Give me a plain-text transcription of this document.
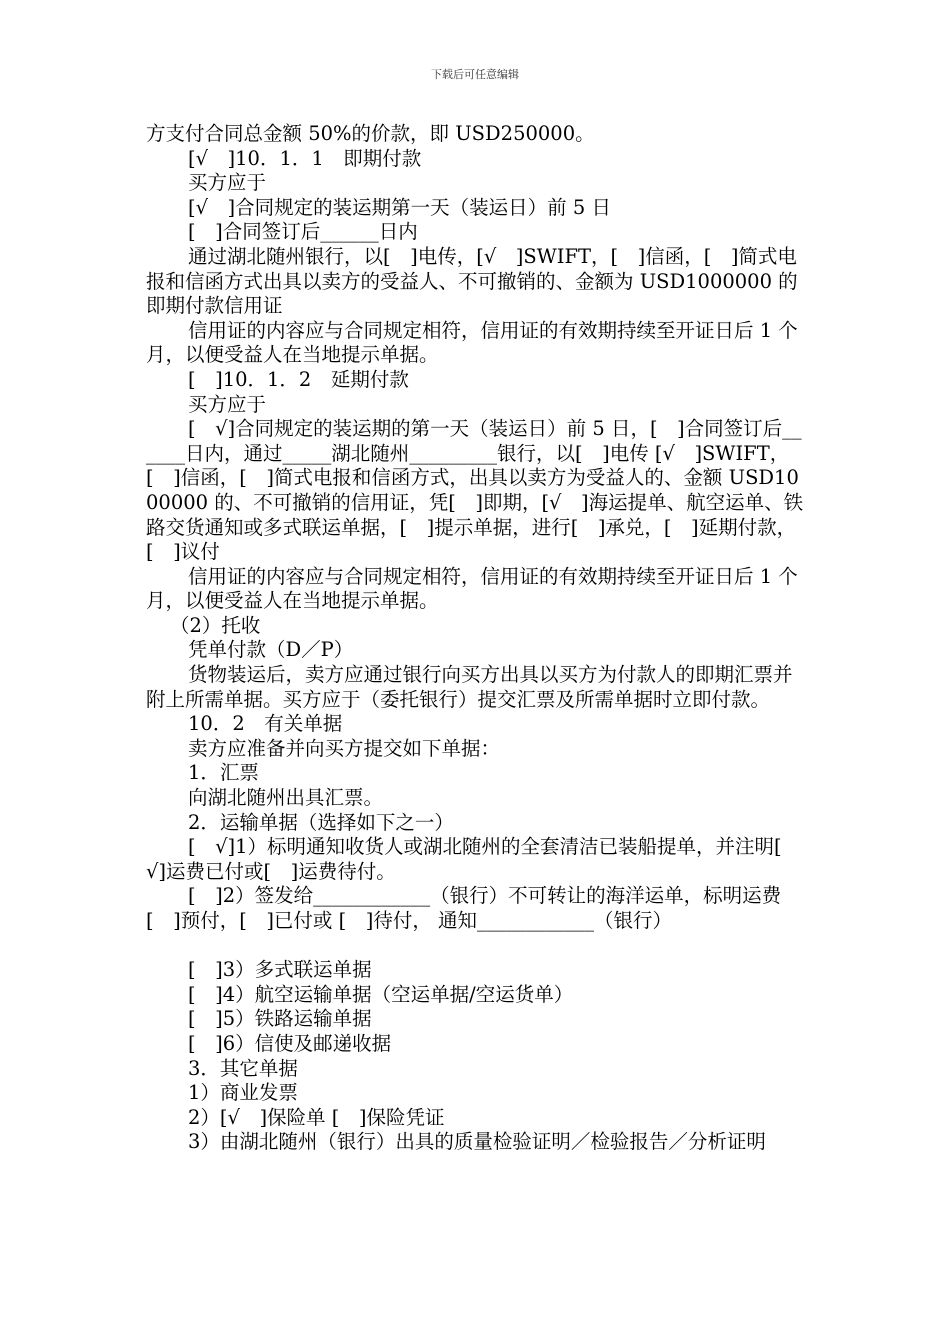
下载后可任意编辑

方支付合同总金额 50%的价款，即 USD250000。

[√　]10．1．1　即期付款

买方应于

[√　]合同规定的装运期第一天（装运日）前 5 日

[　]合同签订后______日内

通过湖北随州银行，以[　]电传，[√　]SWIFT，[　]信函，[　]简式电报和信函方式出具以卖方的受益人、不可撤销的、金额为 USD1000000 的即期付款信用证

信用证的内容应与合同规定相符，信用证的有效期持续至开证日后 1 个月，以便受益人在当地提示单据。

[　]10．1．2　延期付款

买方应于

[　√]合同规定的装运期的第一天（装运日）前 5 日，[　]合同签订后______日内，通过_____湖北随州_________银行，以[　]电传 [√　]SWIFT，[　]信函，[　]简式电报和信函方式，出具以卖方为受益人的、金额 USD1000000 的、不可撤销的信用证，凭[　]即期，[√　]海运提单、航空运单、铁路交货通知或多式联运单据，[　]提示单据，进行[　]承兑，[　]延期付款，[　]议付

信用证的内容应与合同规定相符，信用证的有效期持续至开证日后 1 个月，以便受益人在当地提示单据。

（2）托收

凭单付款（D／P）

货物装运后，卖方应通过银行向买方出具以买方为付款人的即期汇票并附上所需单据。买方应于（委托银行）提交汇票及所需单据时立即付款。

10．2　有关单据

卖方应准备并向买方提交如下单据：

1．汇票

向湖北随州出具汇票。

2．运输单据（选择如下之一）

[　√]1）标明通知收货人或湖北随州的全套清洁已装船提单，并注明[　√]运费已付或[　]运费待付。

[　]2）签发给____________（银行）不可转让的海洋运单，标明运费 [　]预付，[　]已付或 [　]待付， 通知____________（银行）

[　]3）多式联运单据

[　]4）航空运输单据（空运单据/空运货单）

[　]5）铁路运输单据

[　]6）信使及邮递收据

3．其它单据

1）商业发票

2）[√　]保险单 [　]保险凭证

3）由湖北随州（银行）出具的质量检验证明／检验报告／分析证明
